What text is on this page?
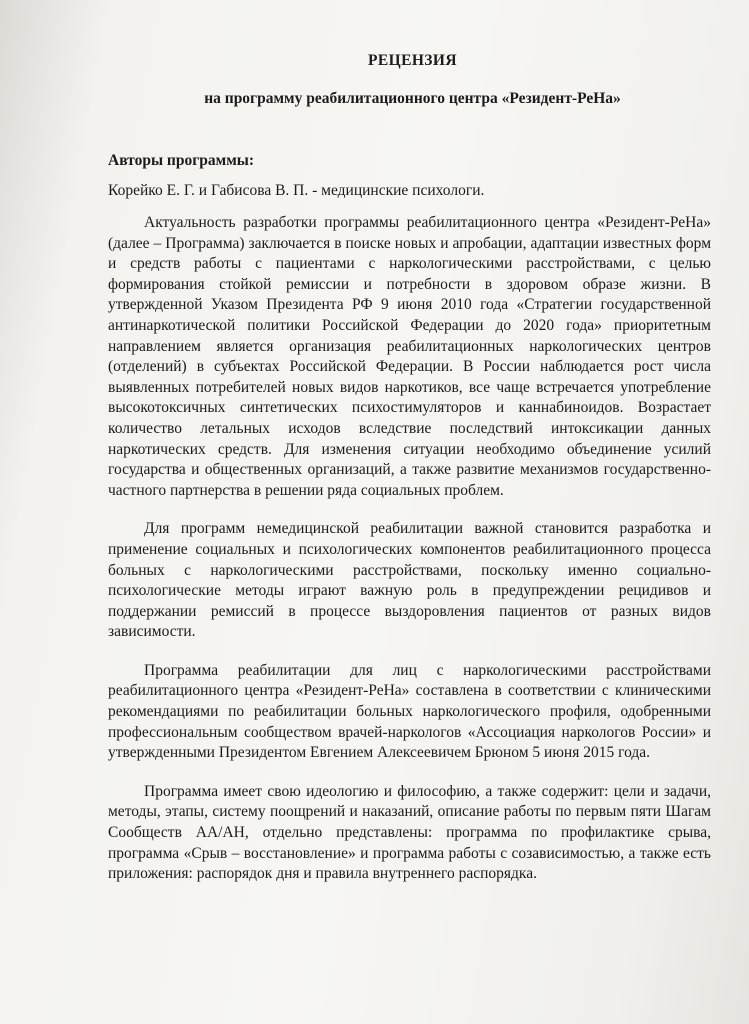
РЕЦЕНЗИЯ
на программу реабилитационного центра «Резидент-РеНа»
Авторы программы:
Корейко Е. Г. и Габисова В. П. - медицинские психологи.

Актуальность разработки программы реабилитационного центра «Резидент-РеНа» (далее – Программа) заключается в поиске новых и апробации, адаптации известных форм и средств работы с пациентами с наркологическими расстройствами, с целью формирования стойкой ремиссии и потребности в здоровом образе жизни. В утвержденной Указом Президента РФ 9 июня 2010 года «Стратегии государственной антинаркотической политики Российской Федерации до 2020 года» приоритетным направлением является организация реабилитационных наркологических центров (отделений) в субъектах Российской Федерации. В России наблюдается рост числа выявленных потребителей новых видов наркотиков, все чаще встречается употребление высокотоксичных синтетических психостимуляторов и каннабиноидов. Возрастает количество летальных исходов вследствие последствий интоксикации данных наркотических средств. Для изменения ситуации необходимо объединение усилий государства и общественных организаций, а также развитие механизмов государственно-частного партнерства в решении ряда социальных проблем.

Для программ немедицинской реабилитации важной становится разработка и применение социальных и психологических компонентов реабилитационного процесса больных с наркологическими расстройствами, поскольку именно социально-психологические методы играют важную роль в предупреждении рецидивов и поддержании ремиссий в процессе выздоровления пациентов от разных видов зависимости.

Программа реабилитации для лиц с наркологическими расстройствами реабилитационного центра «Резидент-РеНа» составлена в соответствии с клиническими рекомендациями по реабилитации больных наркологического профиля, одобренными профессиональным сообществом врачей-наркологов «Ассоциация наркологов России» и утвержденными Президентом Евгением Алексеевичем Брюном 5 июня 2015 года.

Программа имеет свою идеологию и философию, а также содержит: цели и задачи, методы, этапы, систему поощрений и наказаний, описание работы по первым пяти Шагам Сообществ АА/АН, отдельно представлены: программа по профилактике срыва, программа «Срыв – восстановление» и программа работы с созависимостью, а также есть приложения: распорядок дня и правила внутреннего распорядка.
